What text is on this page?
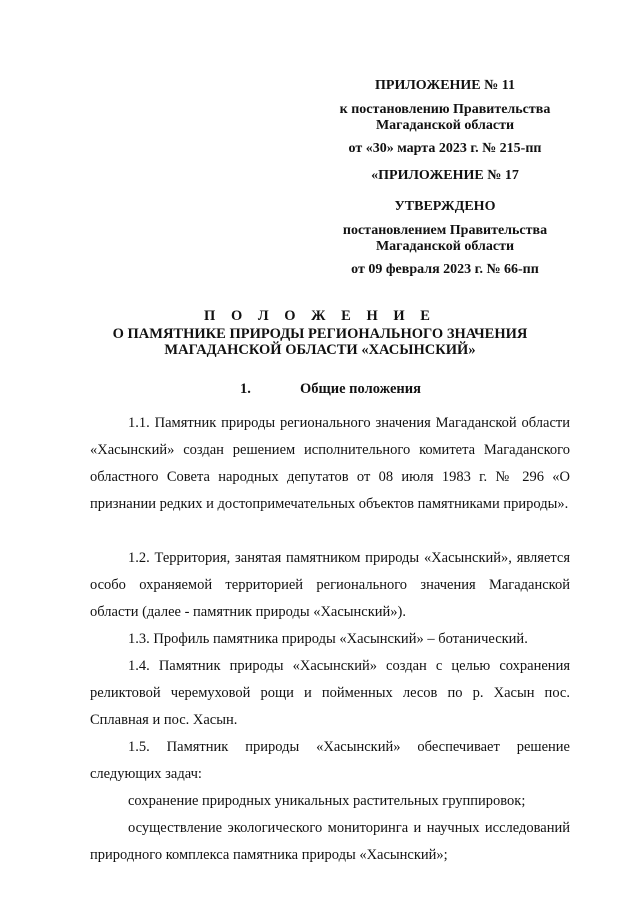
ПРИЛОЖЕНИЕ № 11
к постановлению Правительства
Магаданской области
от «30» марта 2023 г. № 215-пп
«ПРИЛОЖЕНИЕ № 17
УТВЕРЖДЕНО
постановлением Правительства
Магаданской области
от 09 февраля 2023 г. № 66-пп
П О Л О Ж Е Н И Е
О ПАМЯТНИКЕ ПРИРОДЫ РЕГИОНАЛЬНОГО ЗНАЧЕНИЯ
МАГАДАНСКОЙ ОБЛАСТИ «ХАСЫНСКИЙ»
1.	Общие положения

1.1. Памятник природы регионального значения Магаданской области «Хасынский» создан решением исполнительного комитета Магаданского областного Совета народных депутатов от 08 июля 1983 г. № 296 «О признании редких и достопримечательных объектов памятниками природы».

1.2. Территория, занятая памятником природы «Хасынский», является особо охраняемой территорией регионального значения Магаданской области (далее - памятник природы «Хасынский»).

1.3. Профиль памятника природы «Хасынский» – ботанический.

1.4. Памятник природы «Хасынский» создан с целью сохранения реликтовой черемуховой рощи и пойменных лесов по р. Хасын пос. Сплавная и пос. Хасын.

1.5. Памятник природы «Хасынский» обеспечивает решение следующих задач:

сохранение природных уникальных растительных группировок;

осуществление экологического мониторинга и научных исследований природного комплекса памятника природы «Хасынский»;
